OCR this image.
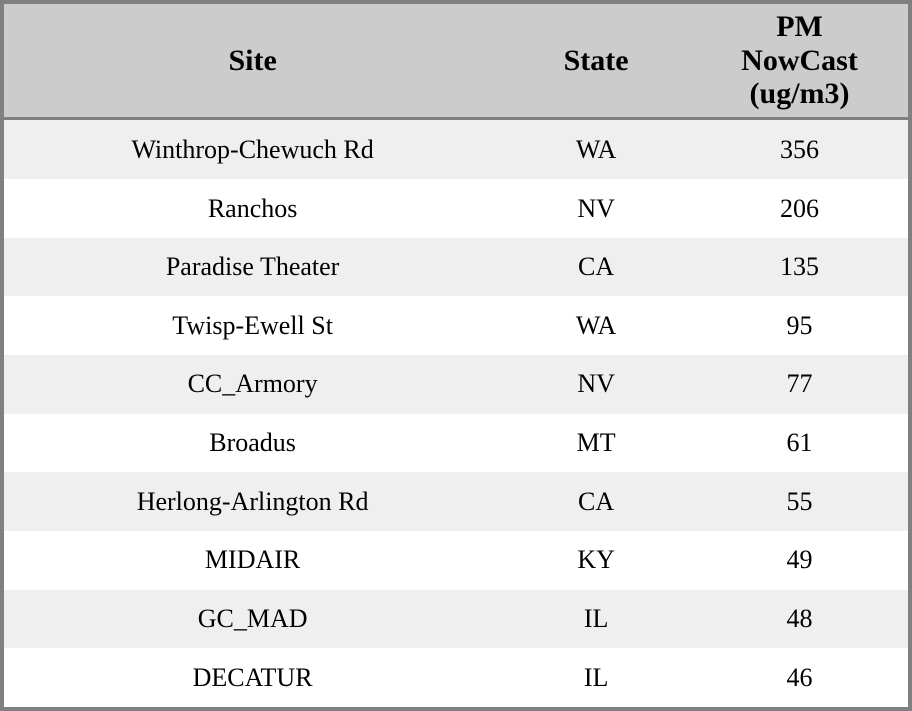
Site	State	PM
NowCast
(ug/m3)

Winthrop-Chewuch Rd	WA	356
Ranchos	NV	206
Paradise Theater	CA	135
Twisp-Ewell St	WA	95
CC_Armory	NV	77
Broadus	MT	61
Herlong-Arlington Rd	CA	55
MIDAIR	KY	49
GC_MAD	IL	48
DECATUR	IL	46
